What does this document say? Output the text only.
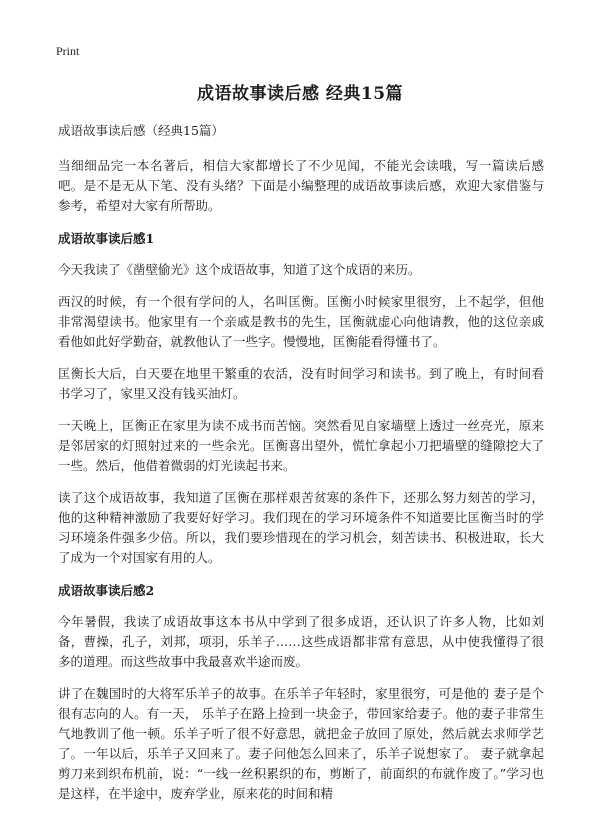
Print
成语故事读后感 经典15篇
成语故事读后感（经典15篇）

当细细品完一本名著后，相信大家都增长了不少见闻，不能光会读哦，写一篇读后感吧。是不是无从下笔、没有头绪？下面是小编整理的成语故事读后感，欢迎大家借鉴与参考，希望对大家有所帮助。

成语故事读后感1

今天我读了《凿壁偷光》这个成语故事，知道了这个成语的来历。

西汉的时候，有一个很有学问的人，名叫匡衡。匡衡小时候家里很穷，上不起学，但他非常渴望读书。他家里有一个亲戚是教书的先生，匡衡就虚心向他请教，他的这位亲戚看他如此好学勤奋，就教他认了一些字。慢慢地，匡衡能看得懂书了。

匡衡长大后，白天要在地里干繁重的农活，没有时间学习和读书。到了晚上，有时间看书学习了，家里又没有钱买油灯。

一天晚上，匡衡正在家里为读不成书而苦恼。突然看见自家墙壁上透过一丝亮光，原来是邻居家的灯照射过来的一些余光。匡衡喜出望外，慌忙拿起小刀把墙壁的缝隙挖大了一些。然后，他借着微弱的灯光读起书来。

读了这个成语故事，我知道了匡衡在那样艰苦贫寒的条件下，还那么努力刻苦的学习，他的这种精神激励了我要好好学习。我们现在的学习环境条件不知道要比匡衡当时的学习环境条件强多少倍。所以，我们要珍惜现在的学习机会，刻苦读书、积极进取，长大了成为一个对国家有用的人。

成语故事读后感2

今年暑假，我读了成语故事这本书从中学到了很多成语，还认识了许多人物，比如刘备，曹操，孔子，刘邦，项羽，乐羊子……这些成语都非常有意思，从中使我懂得了很多的道理。而这些故事中我最喜欢半途而废。

讲了在魏国时的大将军乐羊子的故事。在乐羊子年轻时，家里很穷，可是他的 妻子是个很有志向的人。有一天， 乐羊子在路上捡到一块金子，带回家给妻子。他的妻子非常生气地教训了他一顿。乐羊子听了很不好意思，就把金子放回了原处，然后就去求师学艺了。一年以后，乐羊子又回来了。妻子问他怎么回来了，乐羊子说想家了。 妻子就拿起剪刀来到织布机前，说：“一线一丝积累织的布，剪断了，前面织的布就作废了。”学习也是这样，在半途中，废弃学业，原来花的时间和精
